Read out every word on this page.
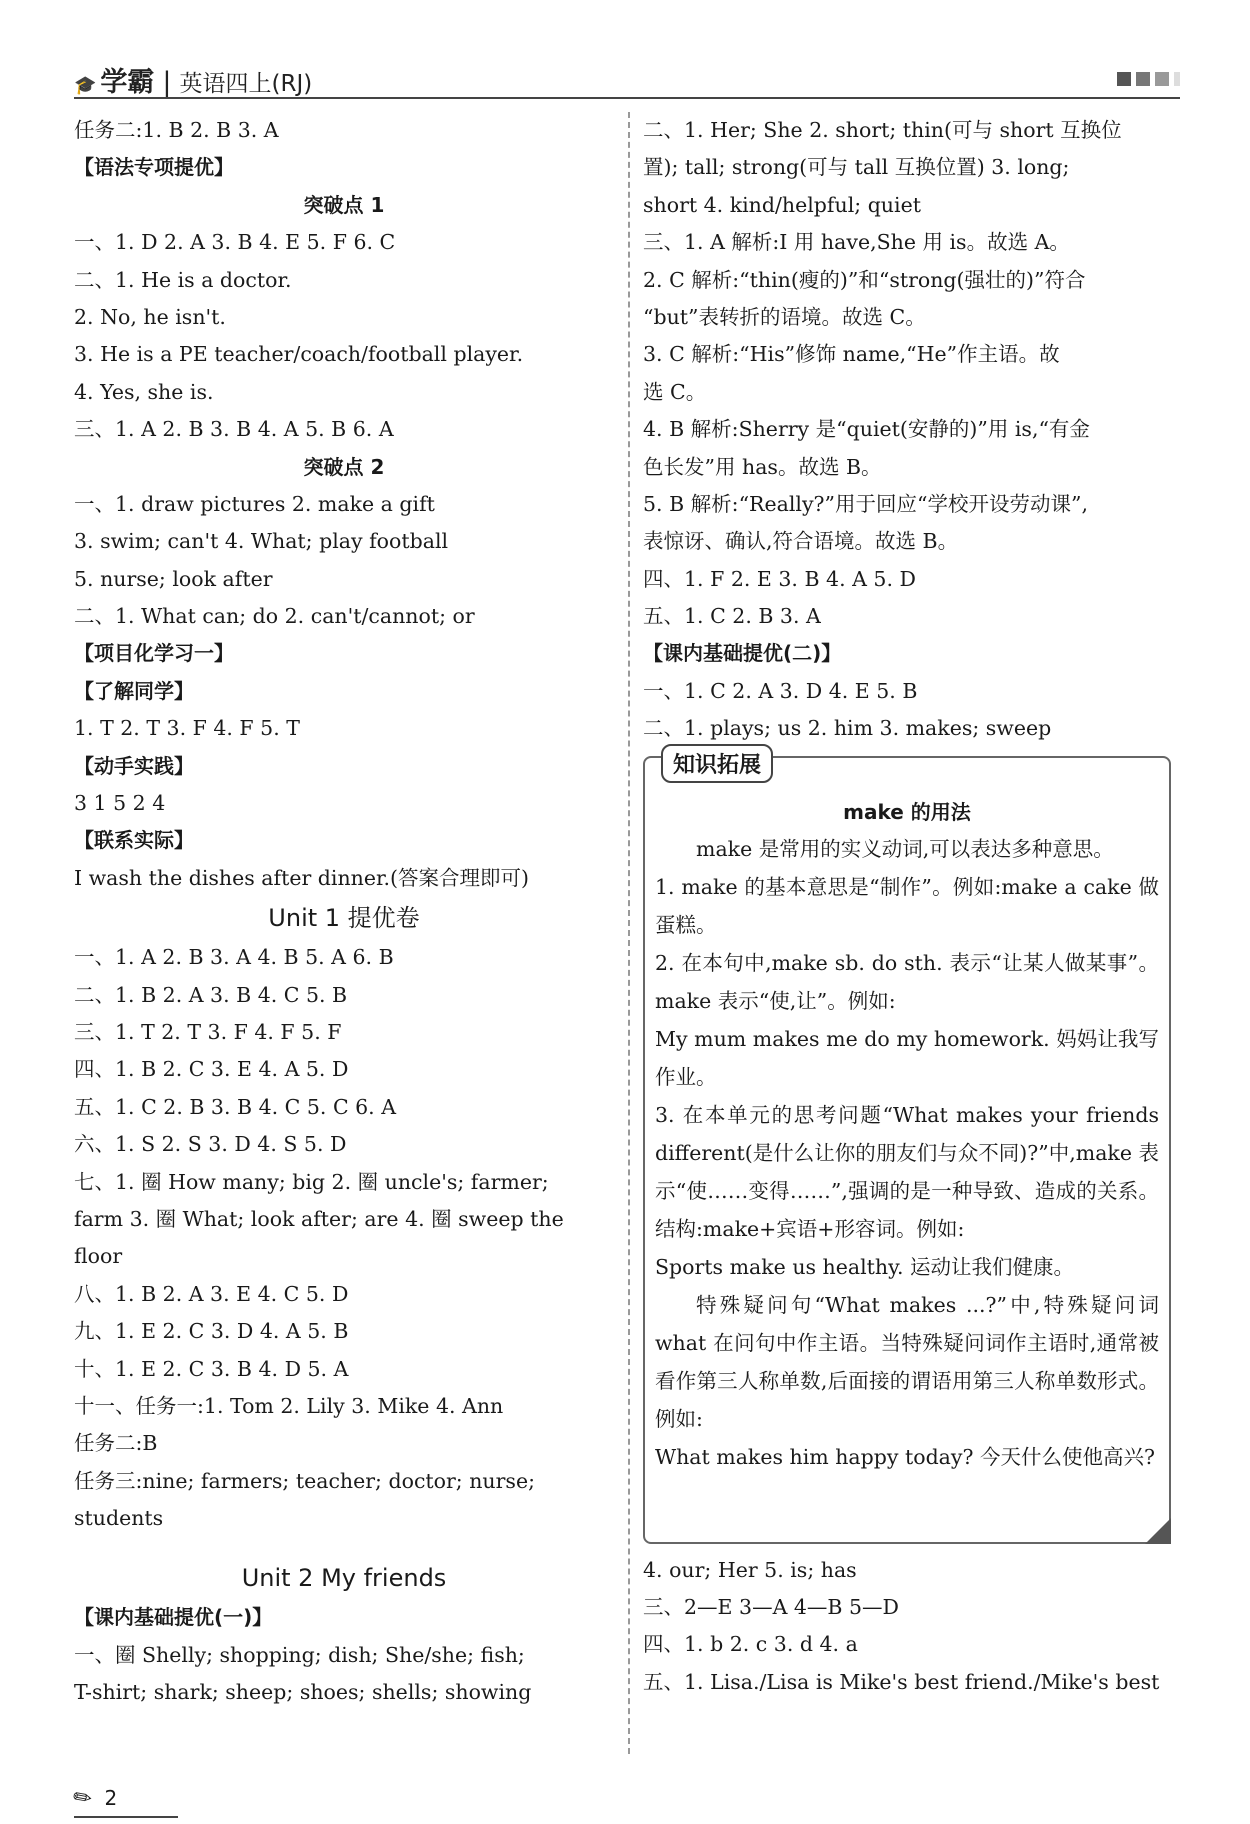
🎓 学霸 | 英语四上(RJ)
任务二:1. B 2. B 3. A
【语法专项提优】
突破点 1
一、1. D 2. A 3. B 4. E 5. F 6. C
二、1. He is a doctor.
2. No, he isn't.
3. He is a PE teacher/coach/football player.
4. Yes, she is.
三、1. A 2. B 3. B 4. A 5. B 6. A
突破点 2
一、1. draw pictures 2. make a gift
3. swim; can't 4. What; play football
5. nurse; look after
二、1. What can; do 2. can't/cannot; or
【项目化学习一】
【了解同学】
1. T 2. T 3. F 4. F 5. T
【动手实践】
3 1 5 2 4
【联系实际】
I wash the dishes after dinner.(答案合理即可)
Unit 1 提优卷
一、1. A 2. B 3. A 4. B 5. A 6. B
二、1. B 2. A 3. B 4. C 5. B
三、1. T 2. T 3. F 4. F 5. F
四、1. B 2. C 3. E 4. A 5. D
五、1. C 2. B 3. B 4. C 5. C 6. A
六、1. S 2. S 3. D 4. S 5. D
七、1. 圈 How many; big 2. 圈 uncle's; farmer;
farm 3. 圈 What; look after; are 4. 圈 sweep the
floor
八、1. B 2. A 3. E 4. C 5. D
九、1. E 2. C 3. D 4. A 5. B
十、1. E 2. C 3. B 4. D 5. A
十一、任务一:1. Tom 2. Lily 3. Mike 4. Ann
任务二:B
任务三:nine; farmers; teacher; doctor; nurse;
students
Unit 2 My friends
【课内基础提优(一)】
一、圈 Shelly; shopping; dish; She/she; fish;
T-shirt; shark; sheep; shoes; shells; showing
二、1. Her; She 2. short; thin(可与 short 互换位
置); tall; strong(可与 tall 互换位置) 3. long;
short 4. kind/helpful; quiet
三、1. A 解析:I 用 have,She 用 is。故选 A。
2. C 解析:“thin(瘦的)”和“strong(强壮的)”符合
“but”表转折的语境。故选 C。
3. C 解析:“His”修饰 name,“He”作主语。故
选 C。
4. B 解析:Sherry 是“quiet(安静的)”用 is,“有金
色长发”用 has。故选 B。
5. B 解析:“Really?”用于回应“学校开设劳动课”,
表惊讶、确认,符合语境。故选 B。
四、1. F 2. E 3. B 4. A 5. D
五、1. C 2. B 3. A
【课内基础提优(二)】
一、1. C 2. A 3. D 4. E 5. B
二、1. plays; us 2. him 3. makes; sweep
知识拓展
make 的用法

make 是常用的实义动词,可以表达多种意思。

1. make 的基本意思是“制作”。例如:make a cake 做蛋糕。

2. 在本句中,make sb. do sth. 表示“让某人做某事”。make 表示“使,让”。例如:

My mum makes me do my homework. 妈妈让我写作业。

3. 在本单元的思考问题“What makes your friends different(是什么让你的朋友们与众不同)?”中,make 表示“使……变得……”,强调的是一种导致、造成的关系。结构:make+宾语+形容词。例如:

Sports make us healthy. 运动让我们健康。

特殊疑问句“What makes ...?”中,特殊疑问词 what 在问句中作主语。当特殊疑问词作主语时,通常被看作第三人称单数,后面接的谓语用第三人称单数形式。例如:

What makes him happy today? 今天什么使他高兴?

4. our; Her 5. is; has
三、2—E 3—A 4—B 5—D
四、1. b 2. c 3. d 4. a
五、1. Lisa./Lisa is Mike's best friend./Mike's best
✎ 2
